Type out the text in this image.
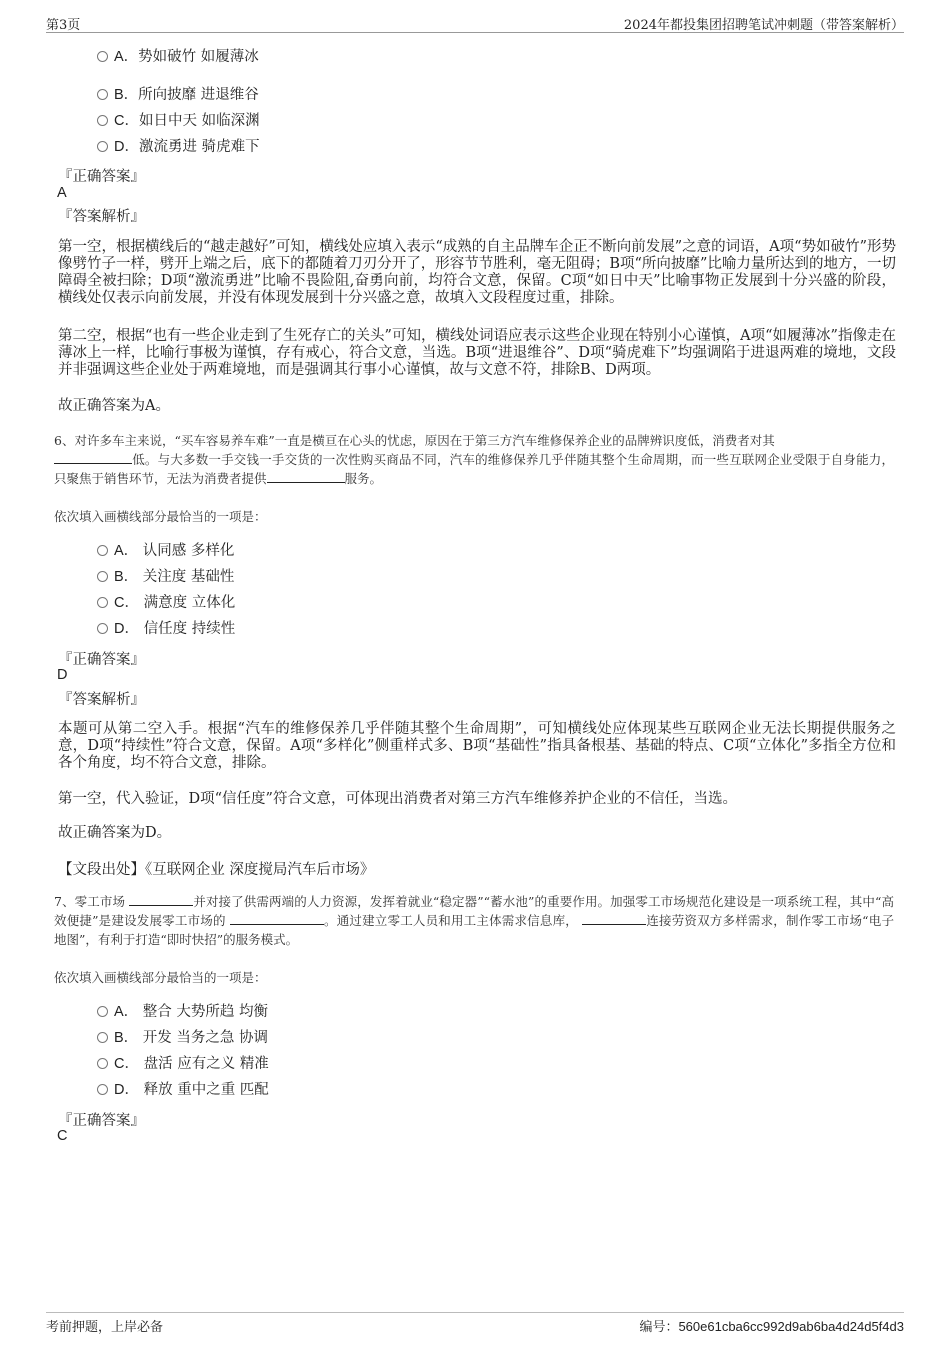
第3页	2024年都投集团招聘笔试冲刺题（带答案解析）
A．势如破竹 如履薄冰
B．所向披靡 进退维谷
C．如日中天 如临深渊
D．激流勇进 骑虎难下
『正确答案』
A
『答案解析』
第一空，根据横线后的“越走越好”可知，横线处应填入表示“成熟的自主品牌车企正不断向前发展”之意的词语，A项“势如破竹”形势像劈竹子一样，劈开上端之后，底下的都随着刀刃分开了，形容节节胜利，毫无阻碍；B项“所向披靡”比喻力量所达到的地方，一切障碍全被扫除；D项“激流勇进”比喻不畏险阻,奋勇向前，均符合文意，保留。C项“如日中天”比喻事物正发展到十分兴盛的阶段，横线处仅表示向前发展，并没有体现发展到十分兴盛之意，故填入文段程度过重，排除。
第二空，根据“也有一些企业走到了生死存亡的关头”可知，横线处词语应表示这些企业现在特别小心谨慎，A项“如履薄冰”指像走在薄冰上一样，比喻行事极为谨慎，存有戒心，符合文意，当选。B项“进退维谷”、D项“骑虎难下”均强调陷于进退两难的境地，文段并非强调这些企业处于两难境地，而是强调其行事小心谨慎，故与文意不符，排除B、D两项。
故正确答案为A。
6、对许多车主来说，“买车容易养车难”一直是横亘在心头的忧虑，原因在于第三方汽车维修保养企业的品牌辨识度低，消费者对其
低。与大多数一手交钱一手交货的一次性购买商品不同，汽车的维修保养几乎伴随其整个生命周期，而一些互联网企业受限于自身能力，只聚焦于销售环节，无法为消费者提供	服务。
依次填入画横线部分最恰当的一项是：
A． 认同感 多样化
B． 关注度 基础性
C． 满意度 立体化
D． 信任度 持续性
『正确答案』
D
『答案解析』
本题可从第二空入手。根据“汽车的维修保养几乎伴随其整个生命周期”，可知横线处应体现某些互联网企业无法长期提供服务之意，D项“持续性”符合文意，保留。A项“多样化”侧重样式多、B项“基础性”指具备根基、基础的特点、C项“立体化”多指全方位和各个角度，均不符合文意，排除。
第一空，代入验证，D项“信任度”符合文意，可体现出消费者对第三方汽车维修养护企业的不信任，当选。
故正确答案为D。
【文段出处】《互联网企业 深度搅局汽车后市场》
7、零工市场	并对接了供需两端的人力资源，发挥着就业“稳定器”“蓄水池”的重要作用。加强零工市场规范化建设是一项系统工程，其中“高效便捷”是建设发展零工市场的	。通过建立零工人员和用工主体需求信息库，	连接劳资双方多样需求，制作零工市场“电子地图”，有利于打造“即时快招”的服务模式。
依次填入画横线部分最恰当的一项是：
A． 整合 大势所趋 均衡
B． 开发 当务之急 协调
C． 盘活 应有之义 精准
D． 释放 重中之重 匹配
『正确答案』
C
考前押题，上岸必备	编号：560e61cba6cc992d9ab6ba4d24d5f4d3
